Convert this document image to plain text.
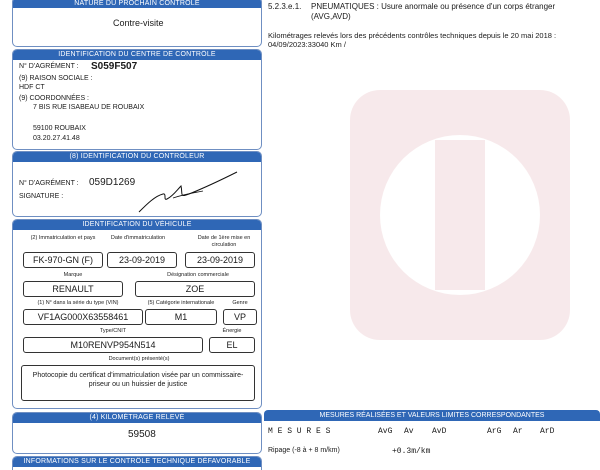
5.2.3.e.1. PNEUMATIQUES : Usure anormale ou présence d'un corps étranger
(AVG,AVD)
Kilométrages relevés lors des précédents contrôles techniques depuis le 20 mai 2018 :
04/09/2023:33040 Km /
MESURES RÉALISÉES ET VALEURS LIMITES CORRESPONDANTES
M E S U R E S	AvG Av AvD	ArG Ar ArD
Ripage (-8 à + 8 m/km)	+0.3m/km
NATURE DU PROCHAIN CONTRÔLE
Contre-visite
IDENTIFICATION DU CENTRE DE CONTRÔLE
N° D'AGRÉMENT : S059F507
(9) RAISON SOCIALE :
HDF CT
(9) COORDONNÉES :
7 BIS RUE ISABEAU DE ROUBAIX
59100 ROUBAIX
03.20.27.41.48
(8) IDENTIFICATION DU CONTRÔLEUR
N° D'AGRÉMENT : 059D1269
SIGNATURE :
IDENTIFICATION DU VÉHICULE
(2) Immatriculation et pays	Date d'immatriculation	Date de 1ère mise en circulation
FK-970-GN (F)	23-09-2019	23-09-2019
Marque	Désignation commerciale
RENAULT	ZOE
(1) N° dans la série du type (VIN)	(5) Catégorie internationale	Genre
VF1AG000X63558461	M1	VP
Type/CNIT	Énergie
M10RENVP954N514	EL
Document(s) présenté(s)
Photocopie du certificat d'immatriculation visée par un commissaire-priseur ou un huissier de justice
(4) KILOMÉTRAGE RELEVÉ
59508
INFORMATIONS SUR LE CONTRÔLE TECHNIQUE DÉFAVORABLE
